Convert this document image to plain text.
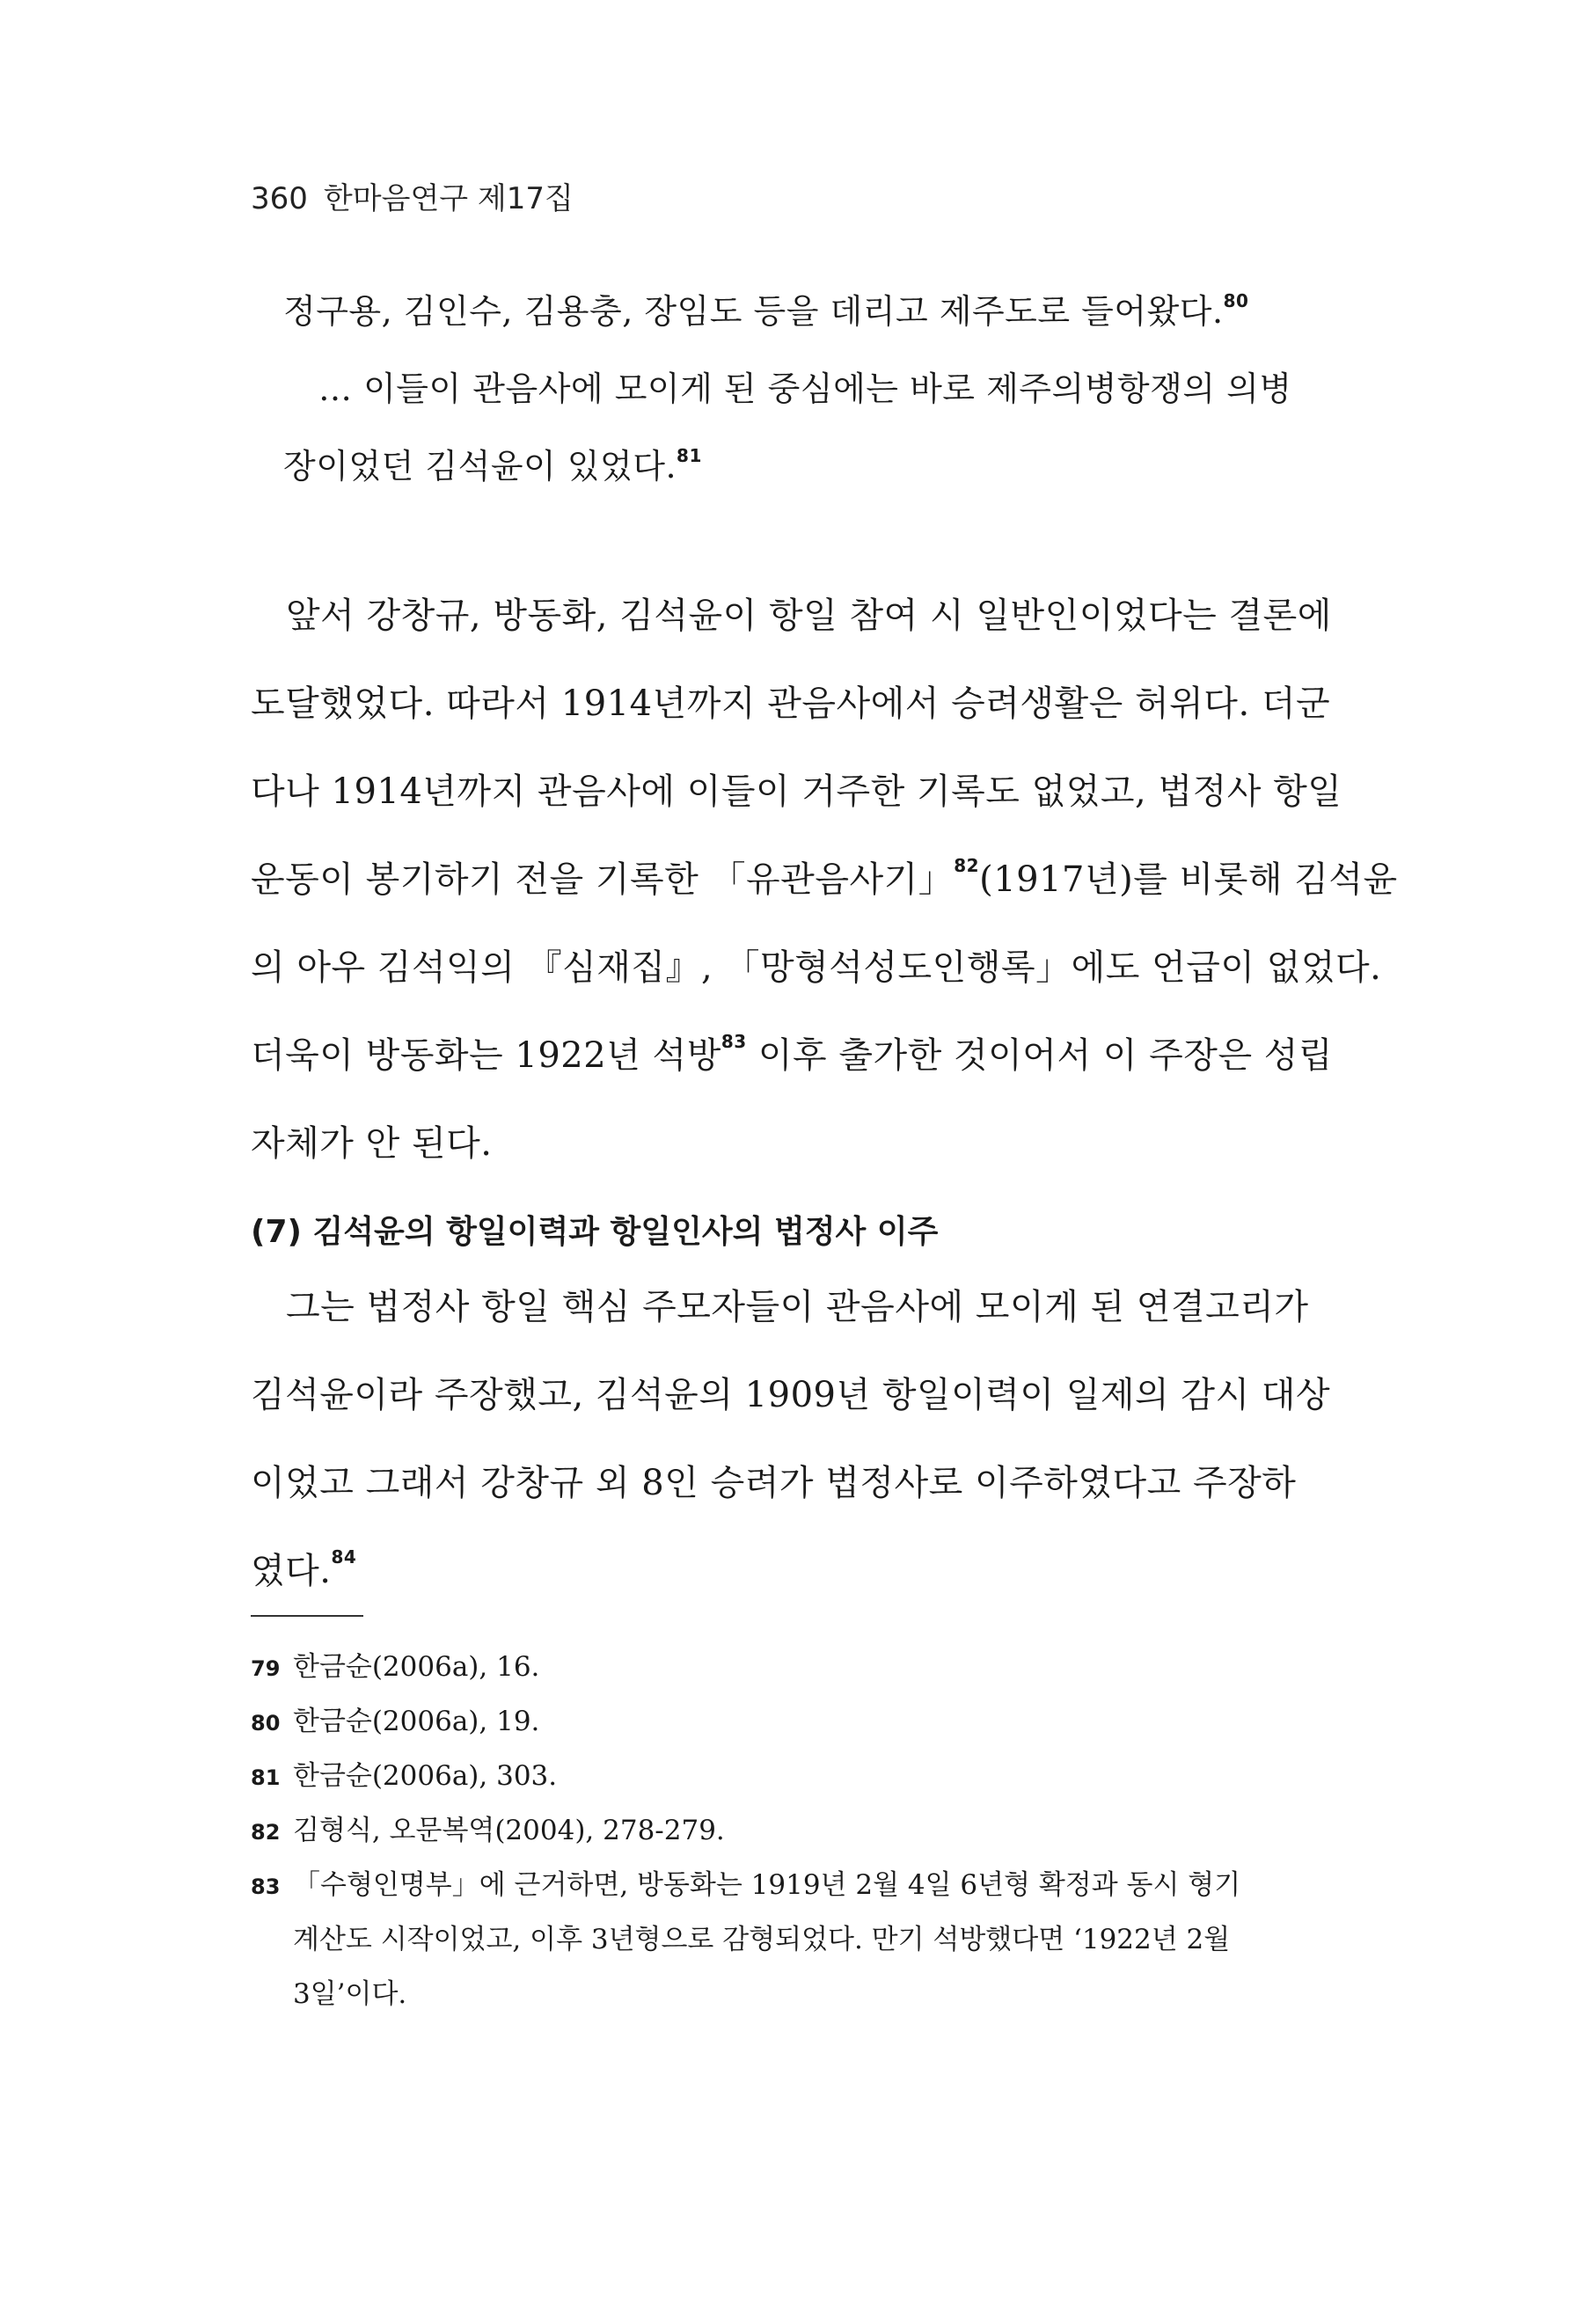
360 한마음연구 제17집
정구용, 김인수, 김용충, 장임도 등을 데리고 제주도로 들어왔다.$^{80}$
… 이들이 관음사에 모이게 된 중심에는 바로 제주의병항쟁의 의병
장이었던 김석윤이 있었다.$^{81}$
앞서 강창규, 방동화, 김석윤이 항일 참여 시 일반인이었다는 결론에
도달했었다. 따라서 1914년까지 관음사에서 승려생활은 허위다. 더군
다나 1914년까지 관음사에 이들이 거주한 기록도 없었고, 법정사 항일
운동이 봉기하기 전을 기록한 「유관음사기」$^{82}$(1917년)를 비롯해 김석윤
의 아우 김석익의 『심재집』, 「망형석성도인행록」에도 언급이 없었다.
더욱이 방동화는 1922년 석방$^{83}$ 이후 출가한 것이어서 이 주장은 성립
자체가 안 된다.
(7) 김석윤의 항일이력과 항일인사의 법정사 이주
그는 법정사 항일 핵심 주모자들이 관음사에 모이게 된 연결고리가
김석윤이라 주장했고, 김석윤의 1909년 항일이력이 일제의 감시 대상
이었고 그래서 강창규 외 8인 승려가 법정사로 이주하였다고 주장하
였다.$^{84}$
79 한금순(2006a), 16.
80 한금순(2006a), 19.
81 한금순(2006a), 303.
82 김형식, 오문복역(2004), 278-279.
83 「수형인명부」에 근거하면, 방동화는 1919년 2월 4일 6년형 확정과 동시 형기
계산도 시작이었고, 이후 3년형으로 감형되었다. 만기 석방했다면 ‘1922년 2월
3일’이다.
